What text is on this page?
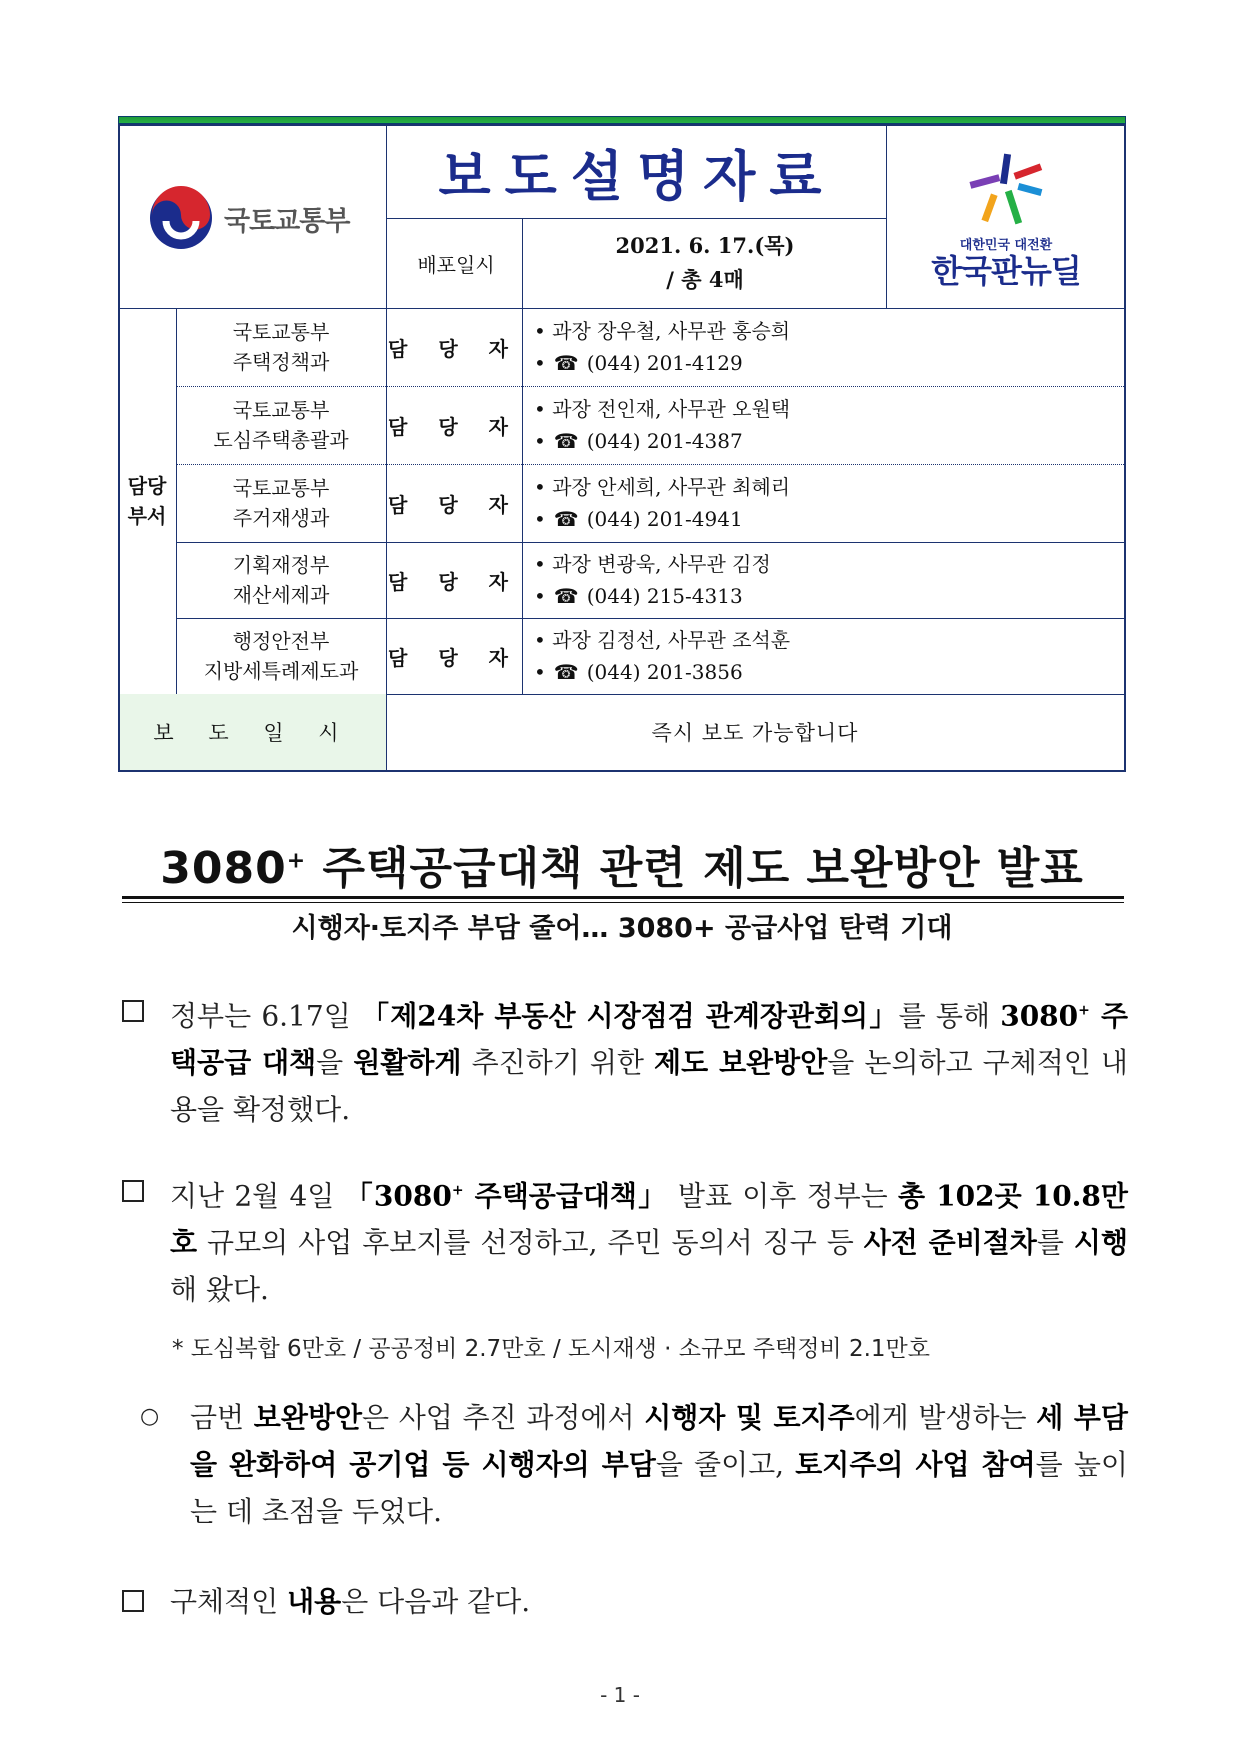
국토교통부
보도설명자료
배포일시
2021. 6. 17.(목)
/ 총 4매
대한민국 대전환
한국판뉴딜
담당
부서
국토교통부
주택정책과
담 당 자
• 과장 장우철, 사무관 홍승희
• ☎ (044) 201-4129
국토교통부
도심주택총괄과
담 당 자
• 과장 전인재, 사무관 오원택
• ☎ (044) 201-4387
국토교통부
주거재생과
담 당 자
• 과장 안세희, 사무관 최혜리
• ☎ (044) 201-4941
기획재정부
재산세제과
담 당 자
• 과장 변광욱, 사무관 김정
• ☎ (044) 215-4313
행정안전부
지방세특례제도과
담 당 자
• 과장 김정선, 사무관 조석훈
• ☎ (044) 201-3856
보 도 일 시	즉시 보도 가능합니다
3080+ 주택공급대책 관련 제도 보완방안 발표
시행자·토지주 부담 줄어… 3080+ 공급사업 탄력 기대
정부는 6.17일 「제24차 부동산 시장점검 관계장관회의」를 통해 3080+ 주택공급 대책을 원활하게 추진하기 위한 제도 보완방안을 논의하고 구체적인 내용을 확정했다.
지난 2월 4일 「3080+ 주택공급대책」 발표 이후 정부는 총 102곳 10.8만호 규모의 사업 후보지를 선정하고, 주민 동의서 징구 등 사전 준비절차를 시행해 왔다.
* 도심복합 6만호 / 공공정비 2.7만호 / 도시재생 · 소규모 주택정비 2.1만호
○ 금번 보완방안은 사업 추진 과정에서 시행자 및 토지주에게 발생하는 세 부담을 완화하여 공기업 등 시행자의 부담을 줄이고, 토지주의 사업 참여를 높이는 데 초점을 두었다.
구체적인 내용은 다음과 같다.
- 1 -
